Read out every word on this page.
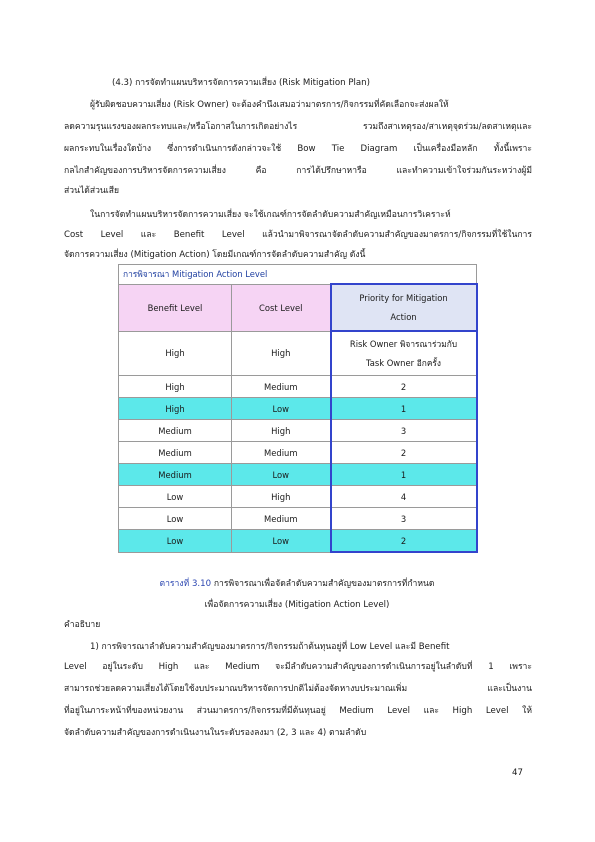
(4.3) การจัดทำแผนบริหารจัดการความเสี่ยง (Risk Mitigation Plan)
ผู้รับผิดชอบความเสี่ยง (Risk Owner) จะต้องคำนึงเสมอว่ามาตรการ/กิจกรรมที่คัดเลือกจะส่งผลให้
ลดความรุนแรงของผลกระทบและ/หรือโอกาสในการเกิดอย่างไร รวมถึงสาเหตุรอง/สาเหตุจุดร่วม/ลดสาเหตุและ
ผลกระทบในเรื่องใดบ้าง ซึ่งการดำเนินการดังกล่าวจะใช้ Bow Tie Diagram เป็นเครื่องมือหลัก ทั้งนี้เพราะ
กลไกสำคัญของการบริหารจัดการความเสี่ยง คือ การได้ปรึกษาหารือ และทำความเข้าใจร่วมกันระหว่างผู้มี
ส่วนได้ส่วนเสีย
ในการจัดทำแผนบริหารจัดการความเสี่ยง จะใช้เกณฑ์การจัดลำดับความสำคัญเหมือนการวิเคราะห์
Cost Level และ Benefit Level แล้วนำมาพิจารณาจัดลำดับความสำคัญของมาตรการ/กิจกรรมที่ใช้ในการ
จัดการความเสี่ยง (Mitigation Action) โดยมีเกณฑ์การจัดลำดับความสำคัญ ดังนี้
การพิจารณา Mitigation Action Level		
Benefit Level	Cost Level	Priority for Mitigation
Action

High	High	Risk Owner พิจารณาร่วมกับ
Task Owner อีกครั้ง

High	Medium	2
High	Low	1
Medium	High	3
Medium	Medium	2
Medium	Low	1
Low	High	4
Low	Medium	3
Low	Low	2
ตารางที่ 3.10 การพิจารณาเพื่อจัดลำดับความสำคัญของมาตรการที่กำหนด
เพื่อจัดการความเสี่ยง (Mitigation Action Level)
คำอธิบาย
1) การพิจารณาลำดับความสำคัญของมาตรการ/กิจกรรมถ้าต้นทุนอยู่ที่ Low Level และมี Benefit
Level อยู่ในระดับ High และ Medium จะมีลำดับความสำคัญของการดำเนินการอยู่ในลำดับที่ 1 เพราะ
สามารถช่วยลดความเสี่ยงได้โดยใช้งบประมาณบริหารจัดการปกติไม่ต้องจัดหางบประมาณเพิ่ม และเป็นงาน
ที่อยู่ในภาระหน้าที่ของหน่วยงาน ส่วนมาตรการ/กิจกรรมที่มีต้นทุนอยู่ Medium Level และ High Level ให้
จัดลำดับความสำคัญของการดำเนินงานในระดับรองลงมา (2, 3 และ 4) ตามลำดับ
47
